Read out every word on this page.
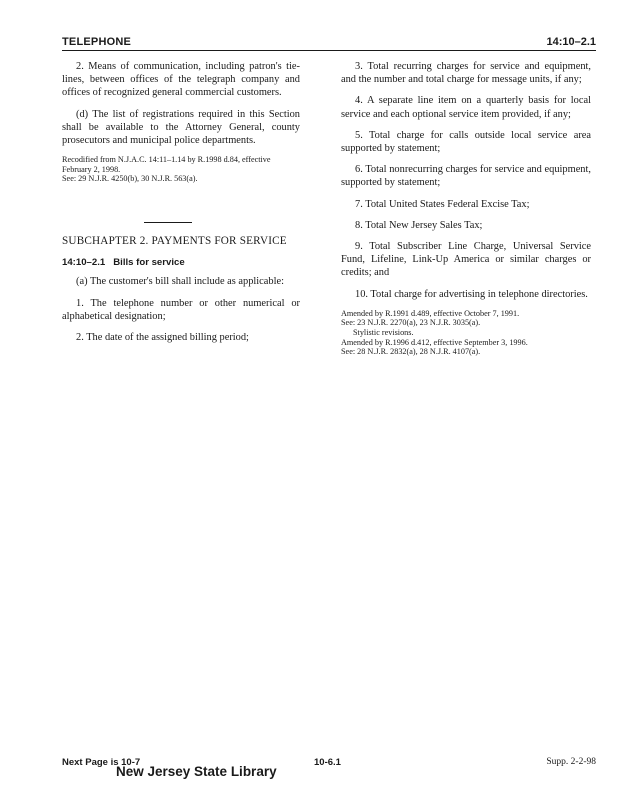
TELEPHONE	14:10–2.1

2. Means of communication, including patron's tie-lines, between offices of the telegraph company and offices of recognized general commercial customers.

(d) The list of registrations required in this Section shall be available to the Attorney General, county prosecutors and municipal police departments.

Recodified from N.J.A.C. 14:11–1.14 by R.1998 d.84, effective February 2, 1998.

See: 29 N.J.R. 4250(b), 30 N.J.R. 563(a).

SUBCHAPTER 2. PAYMENTS FOR SERVICE
14:10–2.1 Bills for service

(a) The customer's bill shall include as applicable:

1. The telephone number or other numerical or alphabetical designation;

2. The date of the assigned billing period;

3. Total recurring charges for service and equipment, and the number and total charge for message units, if any;

4. A separate line item on a quarterly basis for local service and each optional service item provided, if any;

5. Total charge for calls outside local service area supported by statement;

6. Total nonrecurring charges for service and equipment, supported by statement;

7. Total United States Federal Excise Tax;

8. Total New Jersey Sales Tax;

9. Total Subscriber Line Charge, Universal Service Fund, Lifeline, Link-Up America or similar charges or credits; and

10. Total charge for advertising in telephone directories.

Amended by R.1991 d.489, effective October 7, 1991.

See: 23 N.J.R. 2270(a), 23 N.J.R. 3035(a).

Stylistic revisions.

Amended by R.1996 d.412, effective September 3, 1996.

See: 28 N.J.R. 2832(a), 28 N.J.R. 4107(a).

Next Page is 10-7
New Jersey State Library
10-6.1	Supp. 2-2-98
